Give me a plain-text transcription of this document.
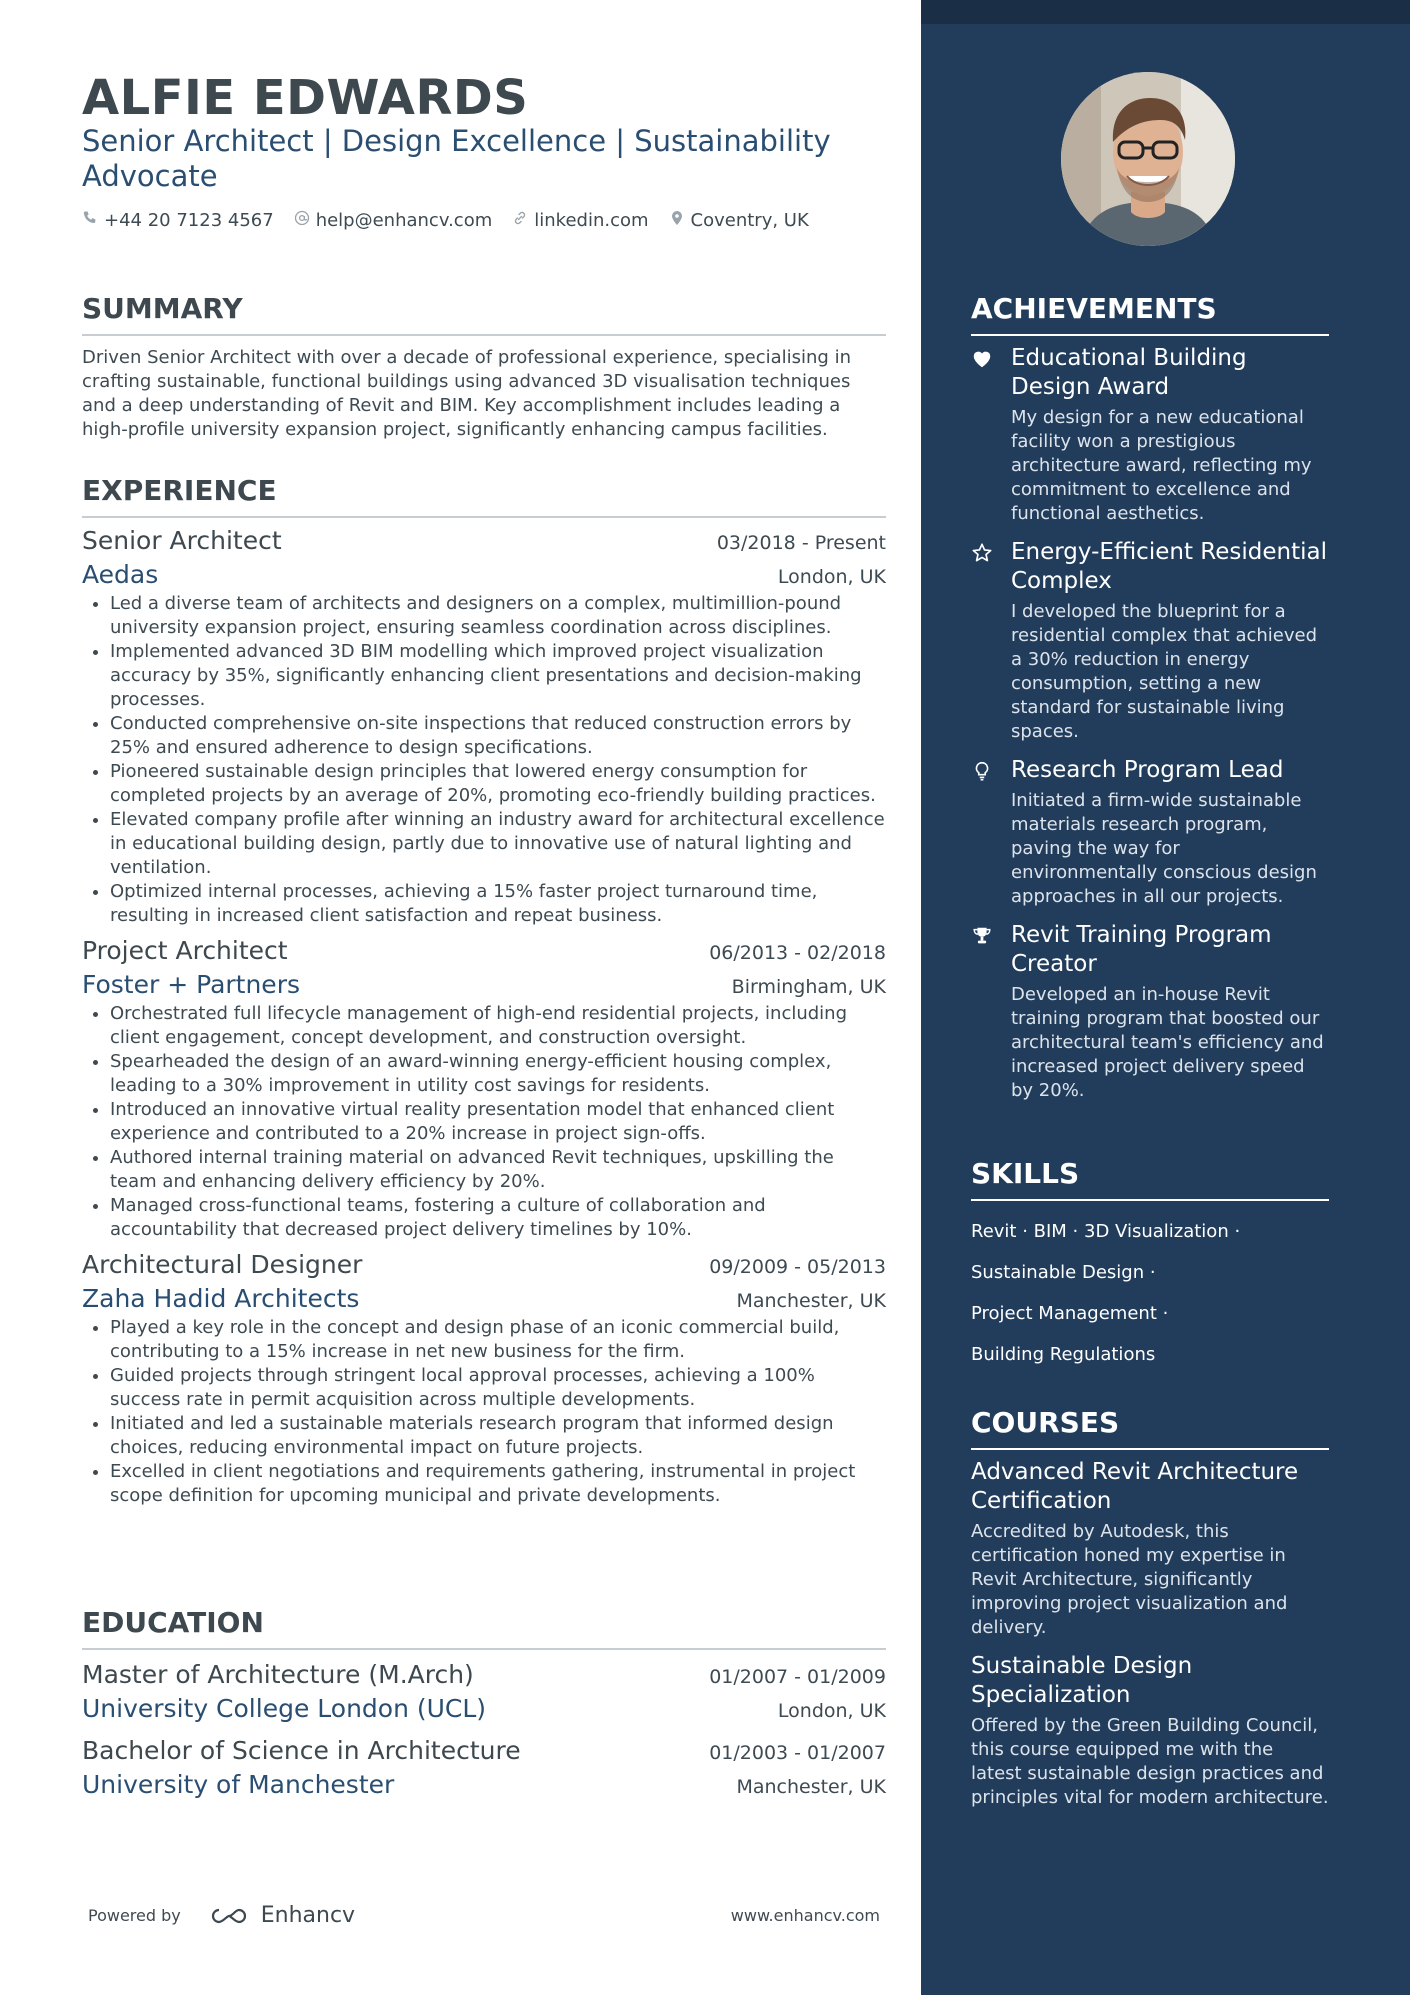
ALFIE EDWARDS
Senior Architect | Design Excellence | Sustainability Advocate
+44 20 7123 4567 help@enhancv.com linkedin.com Coventry, UK
SUMMARY
Driven Senior Architect with over a decade of professional experience, specialising in crafting sustainable, functional buildings using advanced 3D visualisation techniques and a deep understanding of Revit and BIM. Key accomplishment includes leading a high-profile university expansion project, significantly enhancing campus facilities.
EXPERIENCE
Senior Architect	03/2018 - Present
Aedas	London, UK
• Led a diverse team of architects and designers on a complex, multimillion-pound university expansion project, ensuring seamless coordination across disciplines.
• Implemented advanced 3D BIM modelling which improved project visualization accuracy by 35%, significantly enhancing client presentations and decision-making processes.
• Conducted comprehensive on-site inspections that reduced construction errors by 25% and ensured adherence to design specifications.
• Pioneered sustainable design principles that lowered energy consumption for completed projects by an average of 20%, promoting eco-friendly building practices.
• Elevated company profile after winning an industry award for architectural excellence in educational building design, partly due to innovative use of natural lighting and ventilation.
• Optimized internal processes, achieving a 15% faster project turnaround time, resulting in increased client satisfaction and repeat business.
Project Architect	06/2013 - 02/2018
Foster + Partners	Birmingham, UK
• Orchestrated full lifecycle management of high-end residential projects, including client engagement, concept development, and construction oversight.
• Spearheaded the design of an award-winning energy-efficient housing complex, leading to a 30% improvement in utility cost savings for residents.
• Introduced an innovative virtual reality presentation model that enhanced client experience and contributed to a 20% increase in project sign-offs.
• Authored internal training material on advanced Revit techniques, upskilling the team and enhancing delivery efficiency by 20%.
• Managed cross-functional teams, fostering a culture of collaboration and accountability that decreased project delivery timelines by 10%.
Architectural Designer	09/2009 - 05/2013
Zaha Hadid Architects	Manchester, UK
• Played a key role in the concept and design phase of an iconic commercial build, contributing to a 15% increase in net new business for the firm.
• Guided projects through stringent local approval processes, achieving a 100% success rate in permit acquisition across multiple developments.
• Initiated and led a sustainable materials research program that informed design choices, reducing environmental impact on future projects.
• Excelled in client negotiations and requirements gathering, instrumental in project scope definition for upcoming municipal and private developments.
EDUCATION
Master of Architecture (M.Arch)	01/2007 - 01/2009
University College London (UCL)	London, UK
Bachelor of Science in Architecture	01/2003 - 01/2007
University of Manchester	Manchester, UK
ACHIEVEMENTS
Educational Building Design Award
My design for a new educational facility won a prestigious architecture award, reflecting my commitment to excellence and functional aesthetics.
Energy-Efficient Residential Complex
I developed the blueprint for a residential complex that achieved a 30% reduction in energy consumption, setting a new standard for sustainable living spaces.
Research Program Lead
Initiated a firm-wide sustainable materials research program, paving the way for environmentally conscious design approaches in all our projects.
Revit Training Program Creator
Developed an in-house Revit training program that boosted our architectural team's efficiency and increased project delivery speed by 20%.
SKILLS
Revit · BIM · 3D Visualization ·
Sustainable Design ·
Project Management ·
Building Regulations
COURSES
Advanced Revit Architecture Certification
Accredited by Autodesk, this certification honed my expertise in Revit Architecture, significantly improving project visualization and delivery.
Sustainable Design Specialization
Offered by the Green Building Council, this course equipped me with the latest sustainable design practices and principles vital for modern architecture.
Powered by	Enhancv	www.enhancv.com
